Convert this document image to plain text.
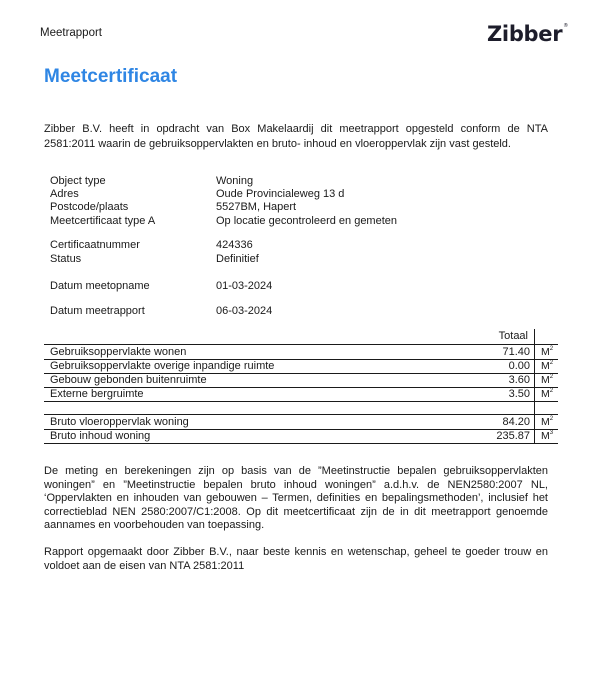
Meetrapport	Zibber®
Meetcertificaat
Zibber B.V. heeft in opdracht van Box Makelaardij dit meetrapport opgesteld conform de NTA 2581:2011 waarin de gebruiksoppervlakten en bruto- inhoud en vloeroppervlak zijn vast gesteld.
Object type	Woning
Adres	Oude Provincialeweg 13 d
Postcode/plaats	5527BM, Hapert
Meetcertificaat type A	Op locatie gecontroleerd en gemeten
Certificaatnummer	424336
Status	Definitief
Datum meetopname	01-03-2024
Datum meetrapport	06-03-2024
Totaal
Gebruiksoppervlakte wonen	71.40 $M^2$
Gebruiksoppervlakte overige inpandige ruimte	0.00 $M^2$
Gebouw gebonden buitenruimte	3.60 $M^2$
Externe bergruimte	3.50 $M^2$
Bruto vloeroppervlak woning	84.20 $M^2$
Bruto inhoud woning	235.87 $M^3$
De meting en berekeningen zijn op basis van de ”Meetinstructie bepalen gebruiksoppervlakten woningen” en ”Meetinstructie bepalen bruto inhoud woningen” a.d.h.v. de NEN2580:2007 NL, ‘Oppervlakten en inhouden van gebouwen – Termen, definities en bepalingsmethoden’, inclusief het correctieblad NEN 2580:2007/C1:2008. Op dit meetcertificaat zijn de in dit meetrapport genoemde aannames en voorbehouden van toepassing.
Rapport opgemaakt door Zibber B.V., naar beste kennis en wetenschap, geheel te goeder trouw en voldoet aan de eisen van NTA 2581:2011
